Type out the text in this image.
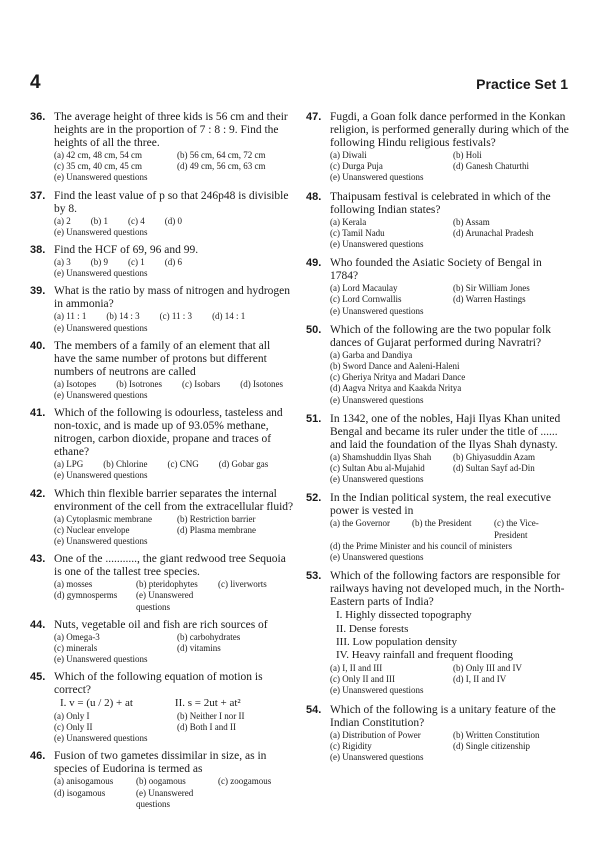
4	Practice Set 1
36. The average height of three kids is 56 cm and their heights are in the proportion of 7 : 8 : 9. Find the heights of all the three.
(a) 42 cm, 48 cm, 54 cm	(b) 56 cm, 64 cm, 72 cm
(c) 35 cm, 40 cm, 45 cm	(d) 49 cm, 56 cm, 63 cm
(e) Unanswered questions
37. Find the least value of p so that 246p48 is divisible by 8.
(a) 2 (b) 1 (c) 4 (d) 0
(e) Unanswered questions
38. Find the HCF of 69, 96 and 99.
(a) 3 (b) 9 (c) 1 (d) 6
(e) Unanswered questions
39. What is the ratio by mass of nitrogen and hydrogen in ammonia?
(a) 11 : 1 (b) 14 : 3 (c) 11 : 3 (d) 14 : 1
(e) Unanswered questions
40. The members of a family of an element that all have the same number of protons but different numbers of neutrons are called
(a) Isotopes (b) Isotrones (c) Isobars (d) Isotones
(e) Unanswered questions
41. Which of the following is odourless, tasteless and non-toxic, and is made up of 93.05% methane, nitrogen, carbon dioxide, propane and traces of ethane?
(a) LPG (b) Chlorine (c) CNG (d) Gobar gas
(e) Unanswered questions
42. Which thin flexible barrier separates the internal environment of the cell from the extracellular fluid?
(a) Cytoplasmic membrane	(b) Restriction barrier
(c) Nuclear envelope	(d) Plasma membrane
(e) Unanswered questions
43. One of the ..........., the giant redwood tree Sequoia is one of the tallest tree species.
(a) mosses	(b) pteridophytes	(c) liverworts
(d) gymnosperms	(e) Unanswered questions
44. Nuts, vegetable oil and fish are rich sources of
(a) Omega-3	(b) carbohydrates
(c) minerals	(d) vitamins
(e) Unanswered questions
45. Which of the following equation of motion is correct?
I. v = (u / 2) + at	II. s = 2ut + at²
(a) Only I	(b) Neither I nor II
(c) Only II	(d) Both I and II
(e) Unanswered questions
46. Fusion of two gametes dissimilar in size, as in species of Eudorina is termed as
(a) anisogamous	(b) oogamous	(c) zoogamous
(d) isogamous	(e) Unanswered questions
47. Fugdi, a Goan folk dance performed in the Konkan religion, is performed generally during which of the following Hindu religious festivals?
(a) Diwali	(b) Holi
(c) Durga Puja	(d) Ganesh Chaturthi
(e) Unanswered questions
48. Thaipusam festival is celebrated in which of the following Indian states?
(a) Kerala	(b) Assam
(c) Tamil Nadu	(d) Arunachal Pradesh
(e) Unanswered questions
49. Who founded the Asiatic Society of Bengal in 1784?
(a) Lord Macaulay	(b) Sir William Jones
(c) Lord Cornwallis	(d) Warren Hastings
(e) Unanswered questions
50. Which of the following are the two popular folk dances of Gujarat performed during Navratri?
(a) Garba and Dandiya
(b) Sword Dance and Aaleni-Haleni
(c) Gheriya Nritya and Madari Dance
(d) Aagva Nritya and Kaakda Nritya
(e) Unanswered questions
51. In 1342, one of the nobles, Haji Ilyas Khan united Bengal and became its ruler under the title of ...... and laid the foundation of the Ilyas Shah dynasty.
(a) Shamshuddin Ilyas Shah	(b) Ghiyasuddin Azam
(c) Sultan Abu al-Mujahid	(d) Sultan Sayf ad-Din
(e) Unanswered questions
52. In the Indian political system, the real executive power is vested in
(a) the Governor	(b) the President	(c) the Vice-President
(d) the Prime Minister and his council of ministers
(e) Unanswered questions
53. Which of the following factors are responsible for railways having not developed much, in the North-Eastern parts of India?
I. Highly dissected topography
II. Dense forests
III. Low population density
IV. Heavy rainfall and frequent flooding
(a) I, II and III	(b) Only III and IV
(c) Only II and III	(d) I, II and IV
(e) Unanswered questions
54. Which of the following is a unitary feature of the Indian Constitution?
(a) Distribution of Power	(b) Written Constitution
(c) Rigidity	(d) Single citizenship
(e) Unanswered questions
